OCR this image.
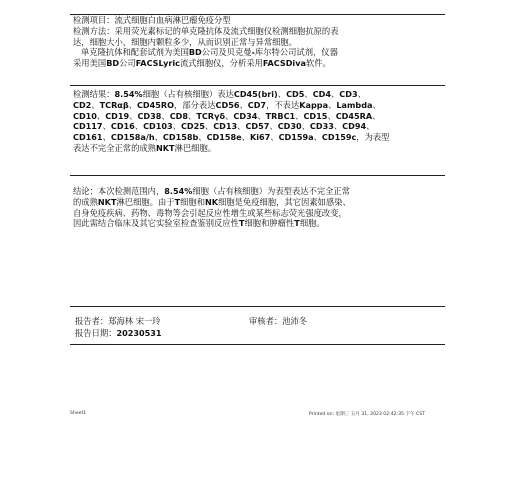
检测项目：流式细胞白血病淋巴瘤免疫分型
检测方法：采用荧光素标记的单克隆抗体及流式细胞仪检测细胞抗原的表
达，细胞大小，细胞内颗粒多少，从而识别正常与异常细胞。
单克隆抗体和配套试剂为美国BD公司及贝克曼-库尔特公司试剂，仪器
采用美国BD公司FACSLyric流式细胞仪，分析采用FACSDiva软件。
检测结果：8.54%细胞（占有核细胞）表达CD45(bri)、CD5、CD4、CD3、
CD2、TCRαβ、CD45RO，部分表达CD56、CD7，不表达Kappa、Lambda、
CD10、CD19、CD38、CD8、TCRγδ、CD34、TRBC1、CD15、CD45RA、
CD117、CD16、CD103、CD25、CD13、CD57、CD30、CD33、CD94、
CD161、CD158a/h、CD158b、CD158e、Ki67、CD159a、CD159c，为表型
表达不完全正常的成熟NKT淋巴细胞。
结论：本次检测范围内，8.54%细胞（占有核细胞）为表型表达不完全正常
的成熟NKT淋巴细胞。由于T细胞和NK细胞是免疫细胞，其它因素如感染、
自身免疫疾病、药物、毒物等会引起反应性增生或某些标志荧光强度改变，
因此需结合临床及其它实验室检查鉴别反应性T细胞和肿瘤性T细胞。
报告者：郑海林 宋一玲	审核者：池沛冬
报告日期：20230531
Sheet1	Printed on: 星期三 五月 31, 2023 02:42:35 下午 CST
